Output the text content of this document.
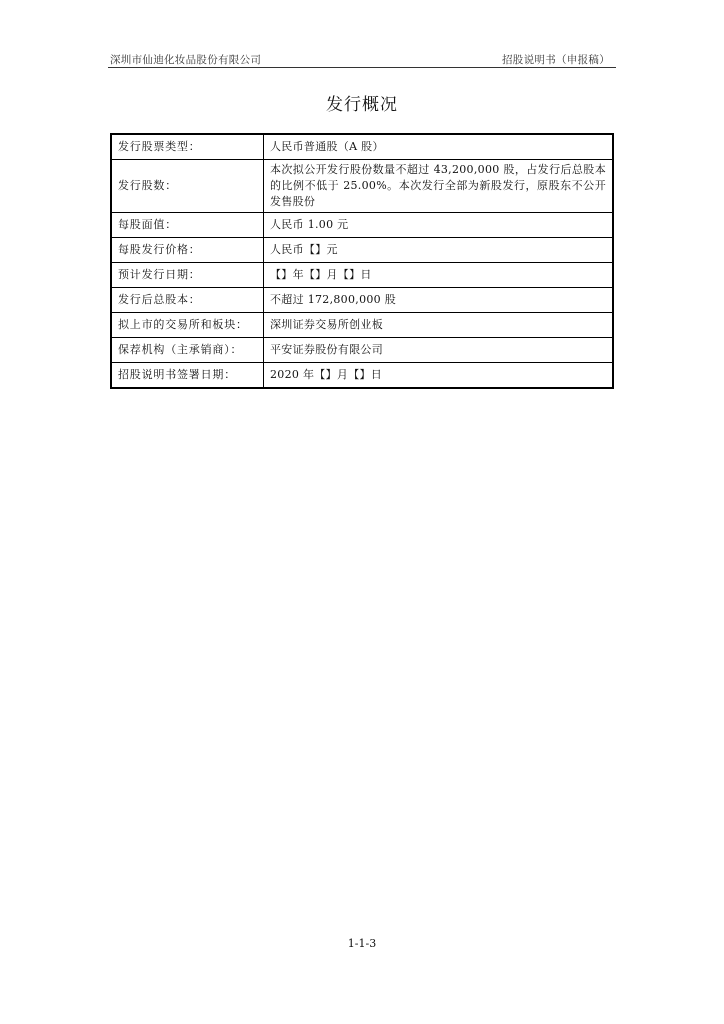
深圳市仙迪化妆品股份有限公司	招股说明书（申报稿）
发行概况
发行股票类型：	人民币普通股（A 股）
发行股数：	本次拟公开发行股份数量不超过 43,200,000 股，占发行后总股本的比例不低于 25.00%。本次发行全部为新股发行，原股东不公开发售股份
每股面值：	人民币 1.00 元
每股发行价格：	人民币【】元
预计发行日期：	【】年【】月【】日
发行后总股本：	不超过 172,800,000 股
拟上市的交易所和板块：	深圳证券交易所创业板
保荐机构（主承销商）：	平安证券股份有限公司
招股说明书签署日期：	2020 年【】月【】日
1-1-3
